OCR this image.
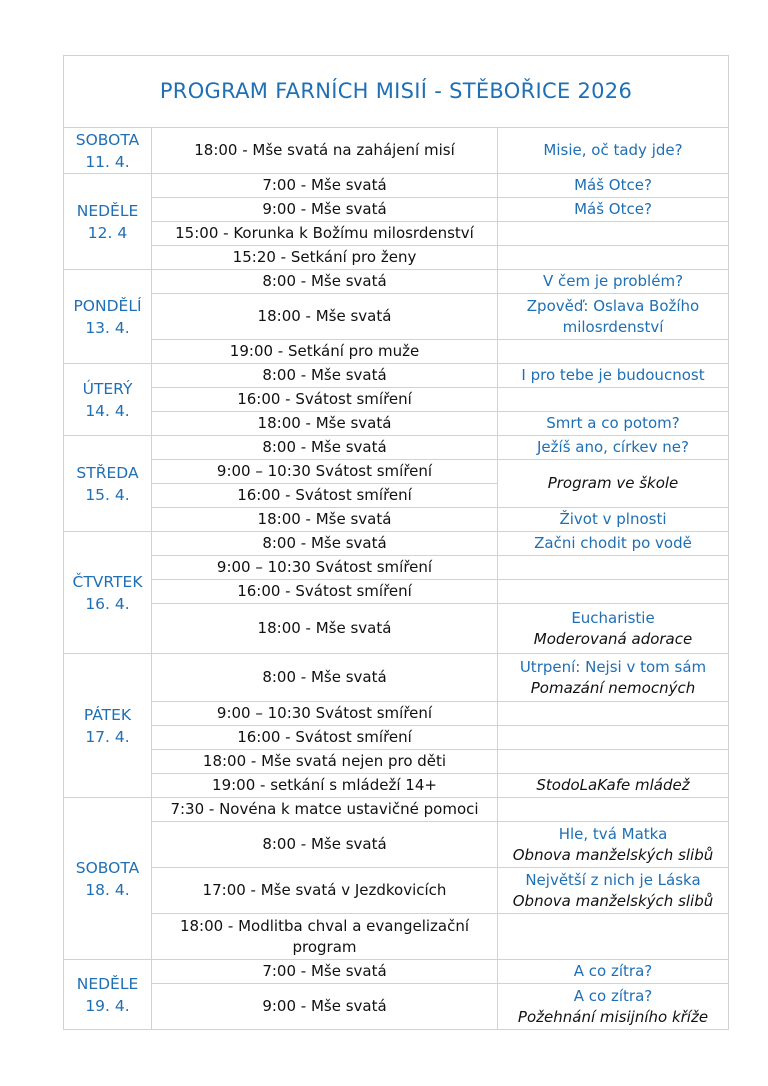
PROGRAM FARNÍCH MISIÍ - STĚBOŘICE 2026		

SOBOTA
11. 4.	18:00 - Mše svatá na zahájení misí	Misie, oč tady jde?

NEDĚLE
12. 4	7:00 - Mše svatá	Máš Otce?

	9:00 - Mše svatá	Máš Otce?

	15:00 - Korunka k Božímu milosrdenství	
	15:20 - Setkání pro ženy	

PONDĚLÍ
13. 4.	8:00 - Mše svatá	V čem je problém?

	18:00 - Mše svatá	Zpověď: Oslava Božího milosrdenství

	19:00 - Setkání pro muže	

ÚTERÝ
14. 4.	8:00 - Mše svatá	I pro tebe je budoucnost

	16:00 - Svátost smíření	
	18:00 - Mše svatá	Smrt a co potom?

STŘEDA
15. 4.	8:00 - Mše svatá	Ježíš ano, církev ne?

	9:00 – 10:30 Svátost smíření	Program ve škole

	16:00 - Svátost smíření	
	18:00 - Mše svatá	Život v plnosti

ČTVRTEK
16. 4.	8:00 - Mše svatá	Začni chodit po vodě

	9:00 – 10:30 Svátost smíření	
	16:00 - Svátost smíření	
	18:00 - Mše svatá	Eucharistie
Moderovaná adorace

PÁTEK
17. 4.	8:00 - Mše svatá	Utrpení: Nejsi v tom sám
Pomazání nemocných

	9:00 – 10:30 Svátost smíření	
	16:00 - Svátost smíření	
	18:00 - Mše svatá nejen pro děti	
	19:00 - setkání s mládeží 14+	StodoLaKafe mládež

SOBOTA
18. 4.	7:30 - Novéna k matce ustavičné pomoci	
	8:00 - Mše svatá	Hle, tvá Matka
Obnova manželských slibů

	17:00 - Mše svatá v Jezdkovicích	Největší z nich je Láska
Obnova manželských slibů

	18:00 - Modlitba chval a evangelizační program	

NEDĚLE
19. 4.	7:00 - Mše svatá	A co zítra?

	9:00 - Mše svatá	A co zítra?
Požehnání misijního kříže
